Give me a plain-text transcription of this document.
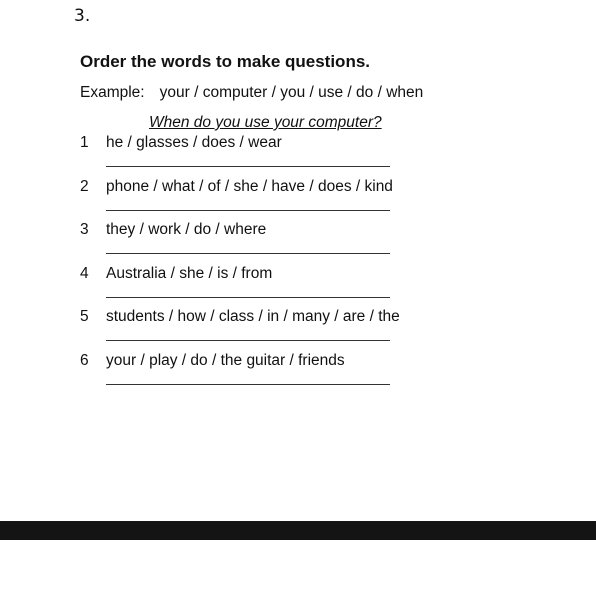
3.
Order the words to make questions.
Example: your / computer / you / use / do / when
When do you use your computer?
1 he / glasses / does / wear
2 phone / what / of / she / have / does / kind
3 they / work / do / where
4 Australia / she / is / from
5 students / how / class / in / many / are / the
6 your / play / do / the guitar / friends
